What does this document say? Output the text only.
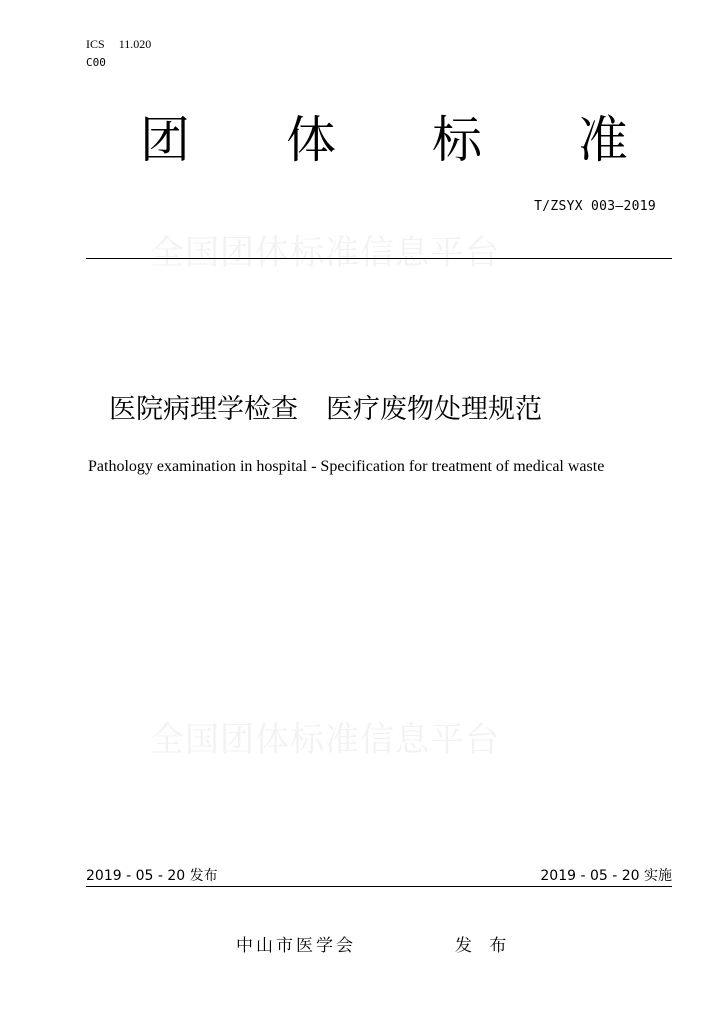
ICS 11.020
C00
团 体 标 准
T/ZSYX 003—2019
全国团体标准信息平台
医院病理学检查 医疗废物处理规范
Pathology examination in hospital - Specification for treatment of medical waste
全国团体标准信息平台
2019 - 05 - 20 发布	2019 - 05 - 20 实施
中山市医学会	发 布
